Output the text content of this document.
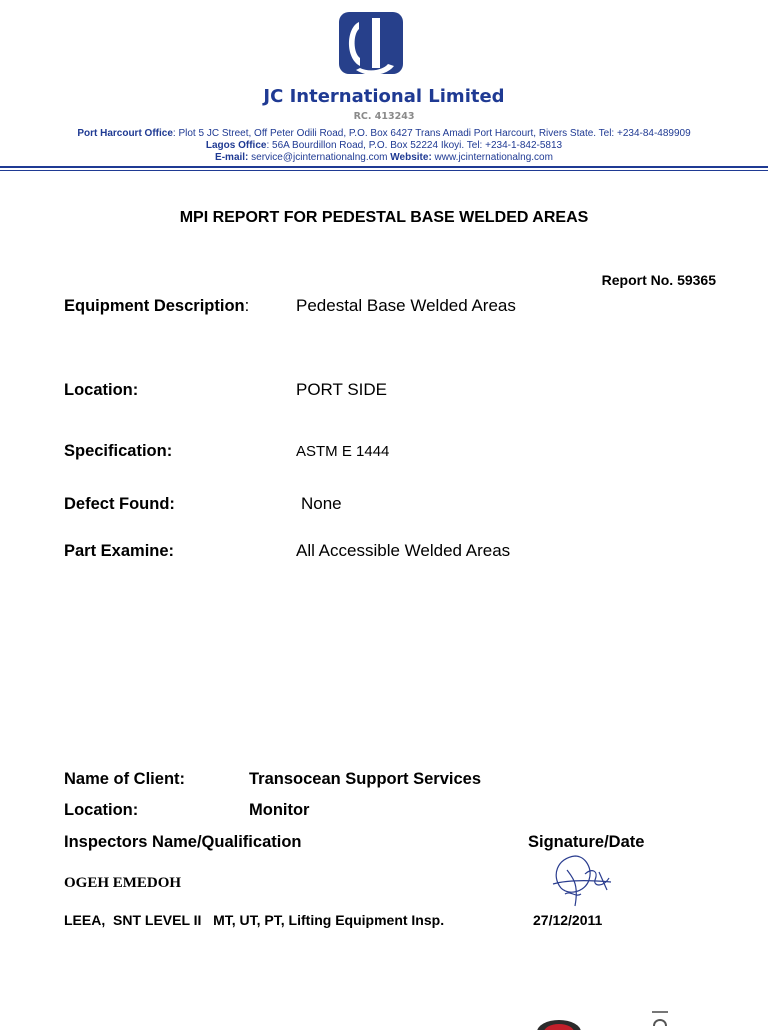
JC International Limited
RC. 413243
Port Harcourt Office: Plot 5 JC Street, Off Peter Odili Road, P.O. Box 6427 Trans Amadi Port Harcourt, Rivers State. Tel: +234-84-489909
Lagos Office: 56A Bourdillon Road, P.O. Box 52224 Ikoyi. Tel: +234-1-842-5813
E-mail: service@jcinternationalng.com Website: www.jcinternationalng.com
MPI REPORT FOR PEDESTAL BASE WELDED AREAS
Report No. 59365
Equipment Description:	Pedestal Base Welded Areas
Location:	PORT SIDE
Specification:	ASTM E 1444
Defect Found:	None
Part Examine:	All Accessible Welded Areas
Name of Client:	Transocean Support Services
Location:	Monitor
Inspectors Name/Qualification	Signature/Date
OGEH EMEDOH
LEEA,  SNT LEVEL II   MT, UT, PT, Lifting Equipment Insp.	27/12/2011
